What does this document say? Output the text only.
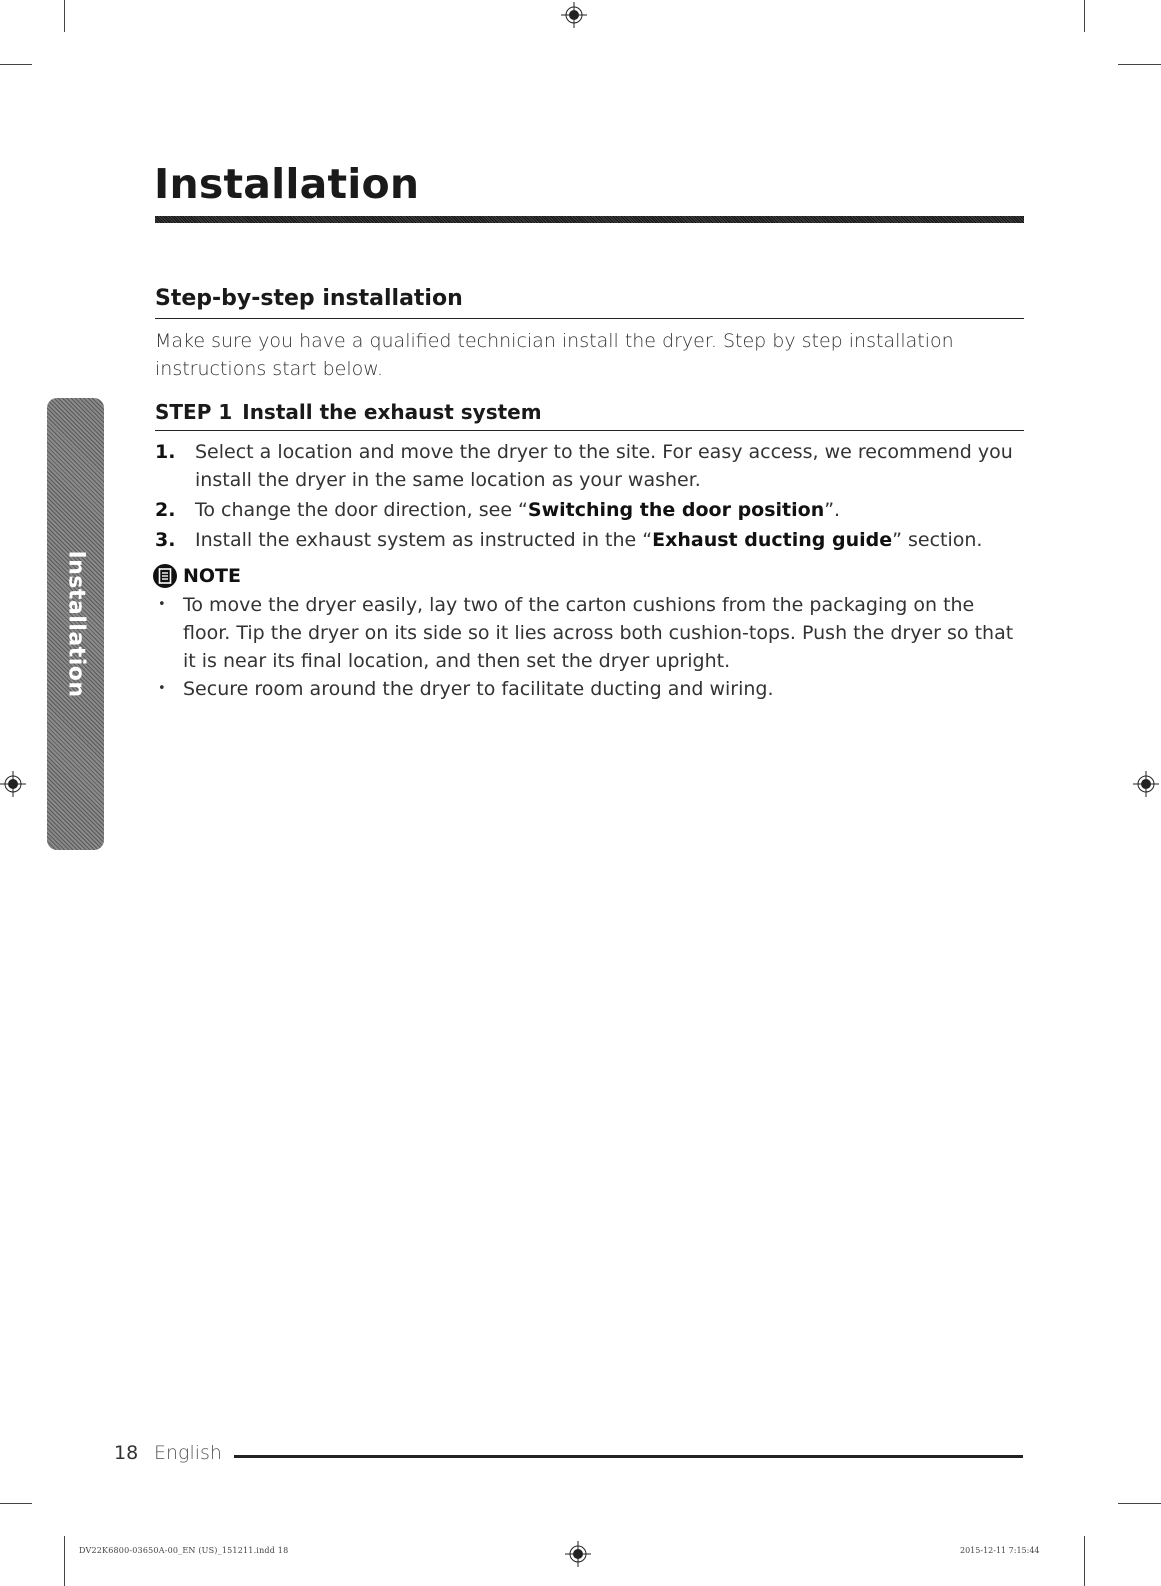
Installation
Step-by-step installation
Make sure you have a qualified technician install the dryer. Step by step installation instructions start below.
STEP 1 Install the exhaust system
1. Select a location and move the dryer to the site. For easy access, we recommend you install the dryer in the same location as your washer.
2. To change the door direction, see “Switching the door position”.
3. Install the exhaust system as instructed in the “Exhaust ducting guide” section.
NOTE
• To move the dryer easily, lay two of the carton cushions from the packaging on the floor. Tip the dryer on its side so it lies across both cushion-tops. Push the dryer so that it is near its final location, and then set the dryer upright.
• Secure room around the dryer to facilitate ducting and wiring.
Installation
18 English
DV22K6800-03650A-00_EN (US)_151211.indd 18	2015-12-11 7:15:44
